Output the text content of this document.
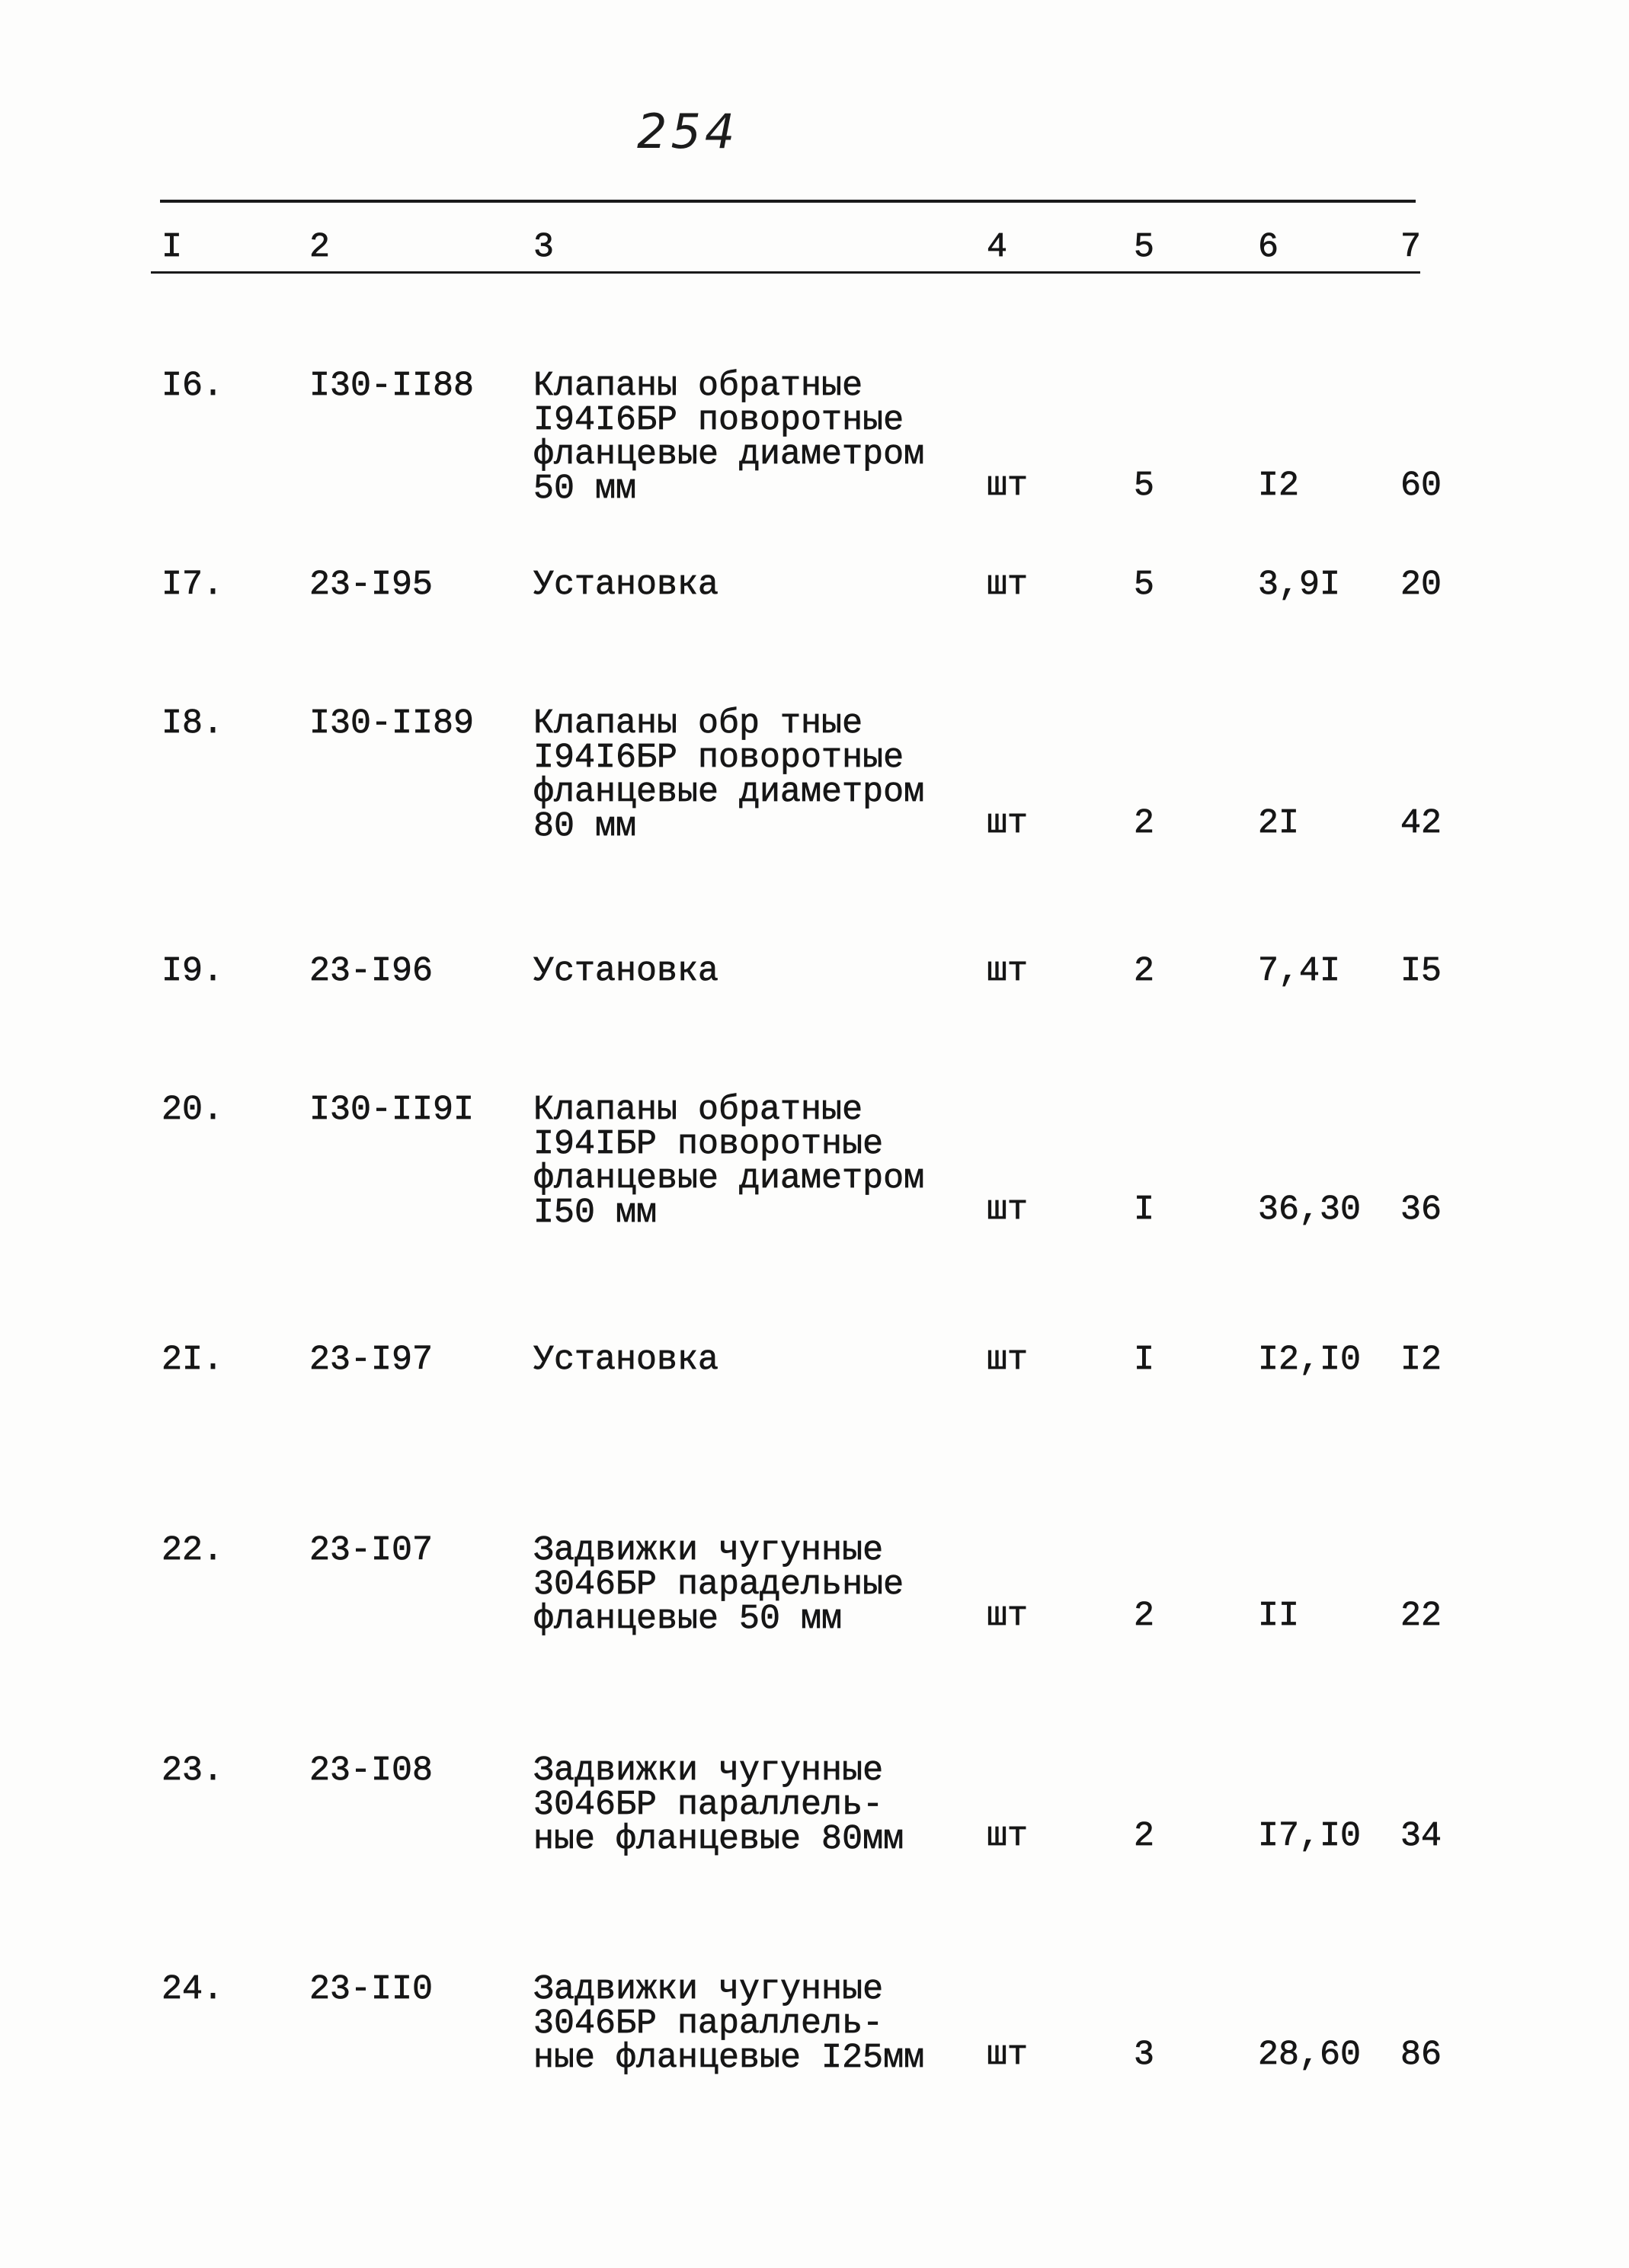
254
I	2	3	4	5	6	7
I6.	I30-II88 Клапаны обратные
I94I6БР поворотные
фланцевые диаметром
50 мм	шт	5	I2	60
I7.	23-I95	Установка	шт	5	3,9I 20
I8.	I30-II89 Клапаны обр тные
I94I6БР поворотные
фланцевые диаметром
80 мм	шт	2	2I	42
I9.	23-I96	Установка	шт	2	7,4I I5
20.	I30-II9I Клапаны обратные
I94IБР поворотные
фланцевые диаметром
I50 мм	шт	I	36,30 36
2I.	23-I97	Установка	шт	I	I2,I0 I2
22.	23-I07	Задвижки чугунные
3046БР парадельные
фланцевые 50 мм	шт	2	II	22
23.	23-I08	Задвижки чугунные
3046БР параллель-
ные фланцевые 80мм шт	2	I7,I0 34
24.	23-II0	Задвижки чугунные
3046БР параллель-
ные фланцевые I25мм шт	3	28,60 86
